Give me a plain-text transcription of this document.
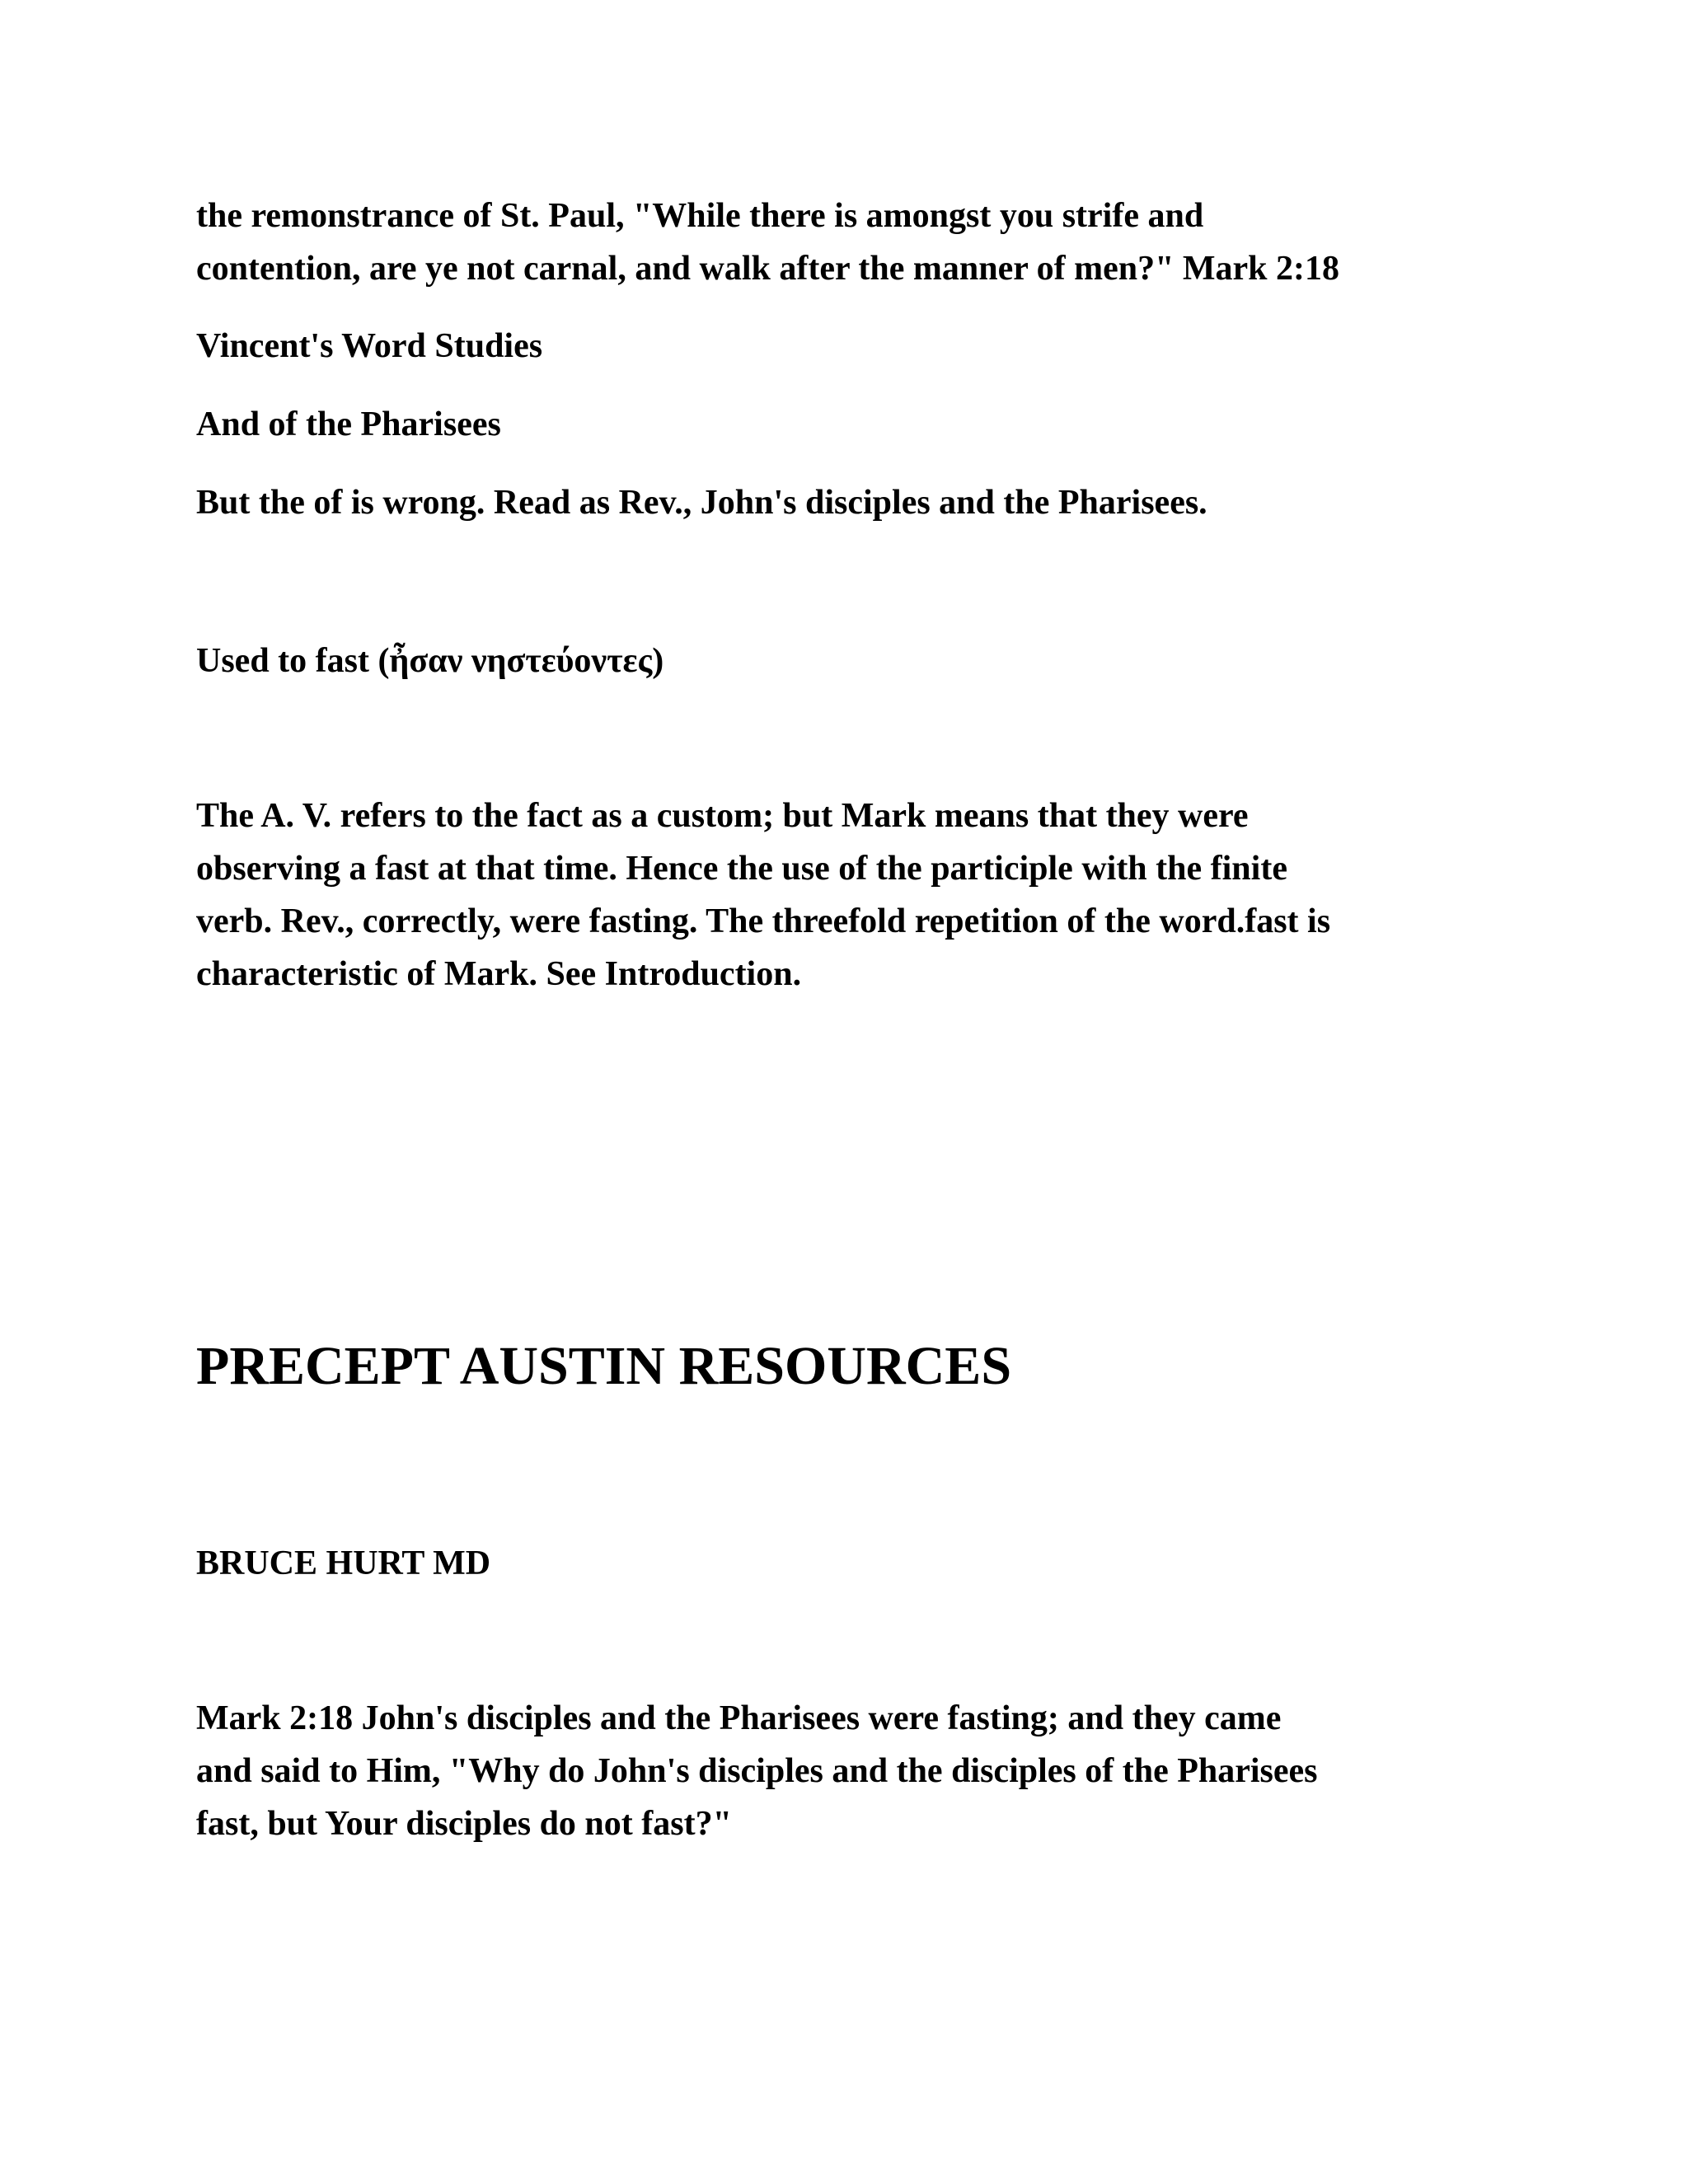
the remonstrance of St. Paul, "While there is amongst you strife and
contention, are ye not carnal, and walk after the manner of men?" Mark 2:18

Vincent's Word Studies

And of the Pharisees

But the of is wrong. Read as Rev., John's disciples and the Pharisees.

Used to fast (ἦσαν νηστεύοντες)

The A. V. refers to the fact as a custom; but Mark means that they were
observing a fast at that time. Hence the use of the participle with the finite
verb. Rev., correctly, were fasting. The threefold repetition of the word.fast is
characteristic of Mark. See Introduction.

PRECEPT AUSTIN RESOURCES

BRUCE HURT MD

Mark 2:18 John's disciples and the Pharisees were fasting; and they came
and said to Him, "Why do John's disciples and the disciples of the Pharisees
fast, but Your disciples do not fast?"
